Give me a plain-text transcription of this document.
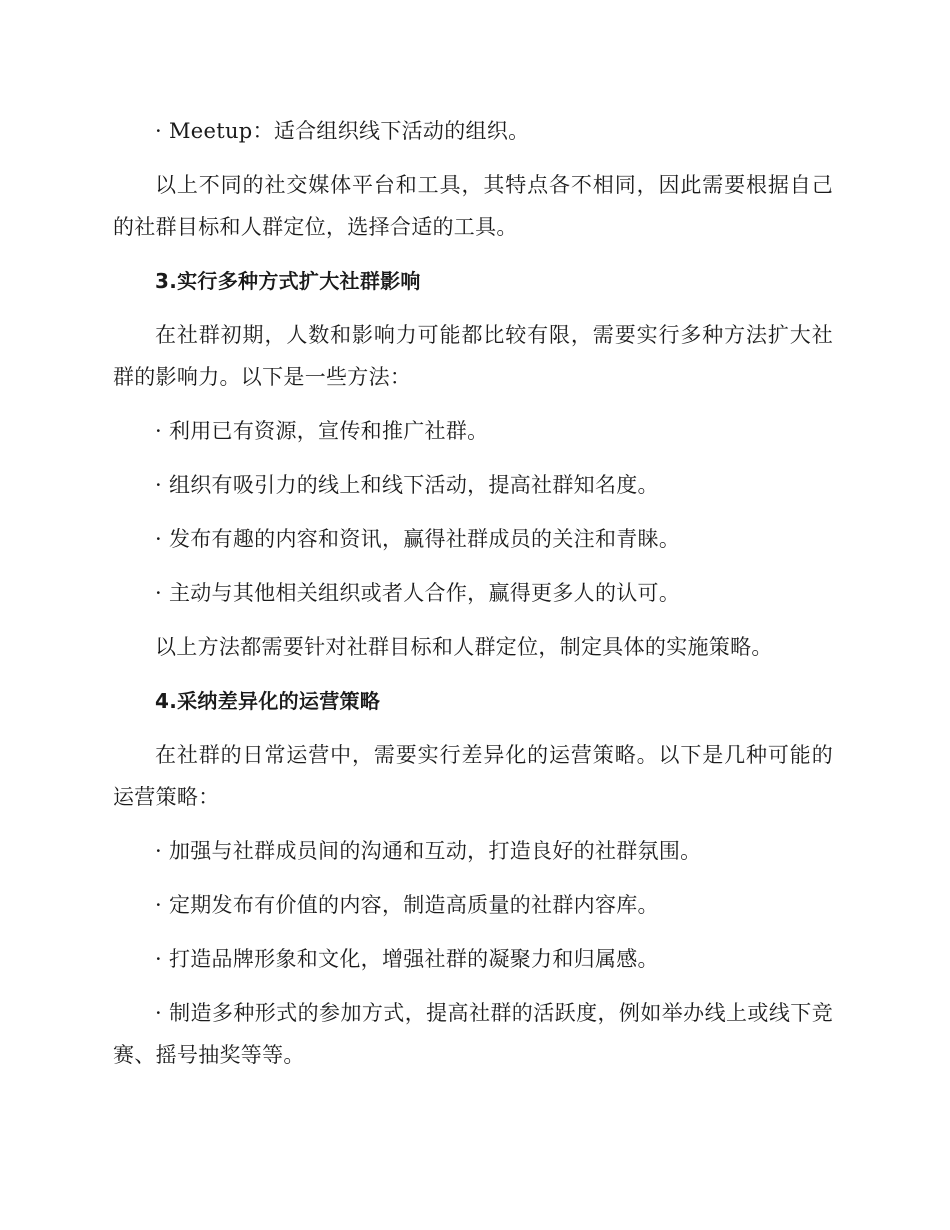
· Meetup：适合组织线下活动的组织。

以上不同的社交媒体平台和工具，其特点各不相同，因此需要根据自己的社群目标和人群定位，选择合适的工具。

3.实行多种方式扩大社群影响

在社群初期，人数和影响力可能都比较有限，需要实行多种方法扩大社群的影响力。以下是一些方法：

· 利用已有资源，宣传和推广社群。

· 组织有吸引力的线上和线下活动，提高社群知名度。

· 发布有趣的内容和资讯，赢得社群成员的关注和青睐。

· 主动与其他相关组织或者人合作，赢得更多人的认可。

以上方法都需要针对社群目标和人群定位，制定具体的实施策略。

4.采纳差异化的运营策略

在社群的日常运营中，需要实行差异化的运营策略。以下是几种可能的运营策略：

· 加强与社群成员间的沟通和互动，打造良好的社群氛围。

· 定期发布有价值的内容，制造高质量的社群内容库。

· 打造品牌形象和文化，增强社群的凝聚力和归属感。

· 制造多种形式的参加方式，提高社群的活跃度，例如举办线上或线下竞赛、摇号抽奖等等。
